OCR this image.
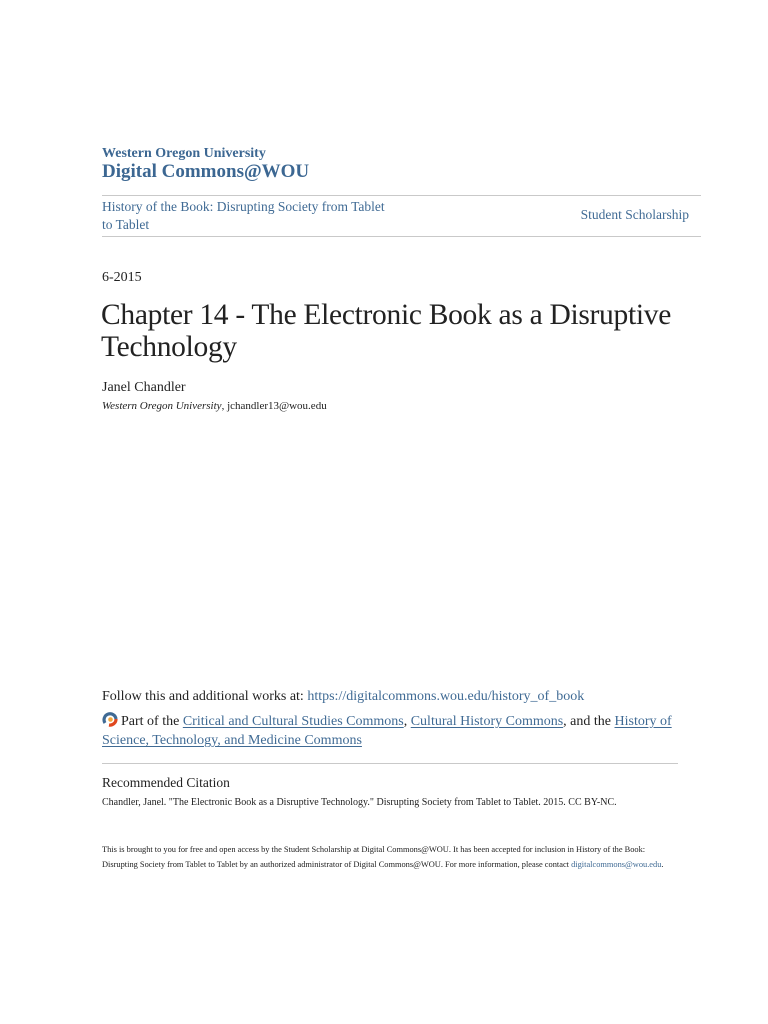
Western Oregon University
Digital Commons@WOU
History of the Book: Disrupting Society from Tablet to Tablet
Student Scholarship
6-2015
Chapter 14 - The Electronic Book as a Disruptive Technology
Janel Chandler
Western Oregon University, jchandler13@wou.edu
Follow this and additional works at: https://digitalcommons.wou.edu/history_of_book
Part of the Critical and Cultural Studies Commons, Cultural History Commons, and the History of Science, Technology, and Medicine Commons
Recommended Citation
Chandler, Janel. "The Electronic Book as a Disruptive Technology." Disrupting Society from Tablet to Tablet. 2015. CC BY-NC.
This is brought to you for free and open access by the Student Scholarship at Digital Commons@WOU. It has been accepted for inclusion in History of the Book: Disrupting Society from Tablet to Tablet by an authorized administrator of Digital Commons@WOU. For more information, please contact digitalcommons@wou.edu.
